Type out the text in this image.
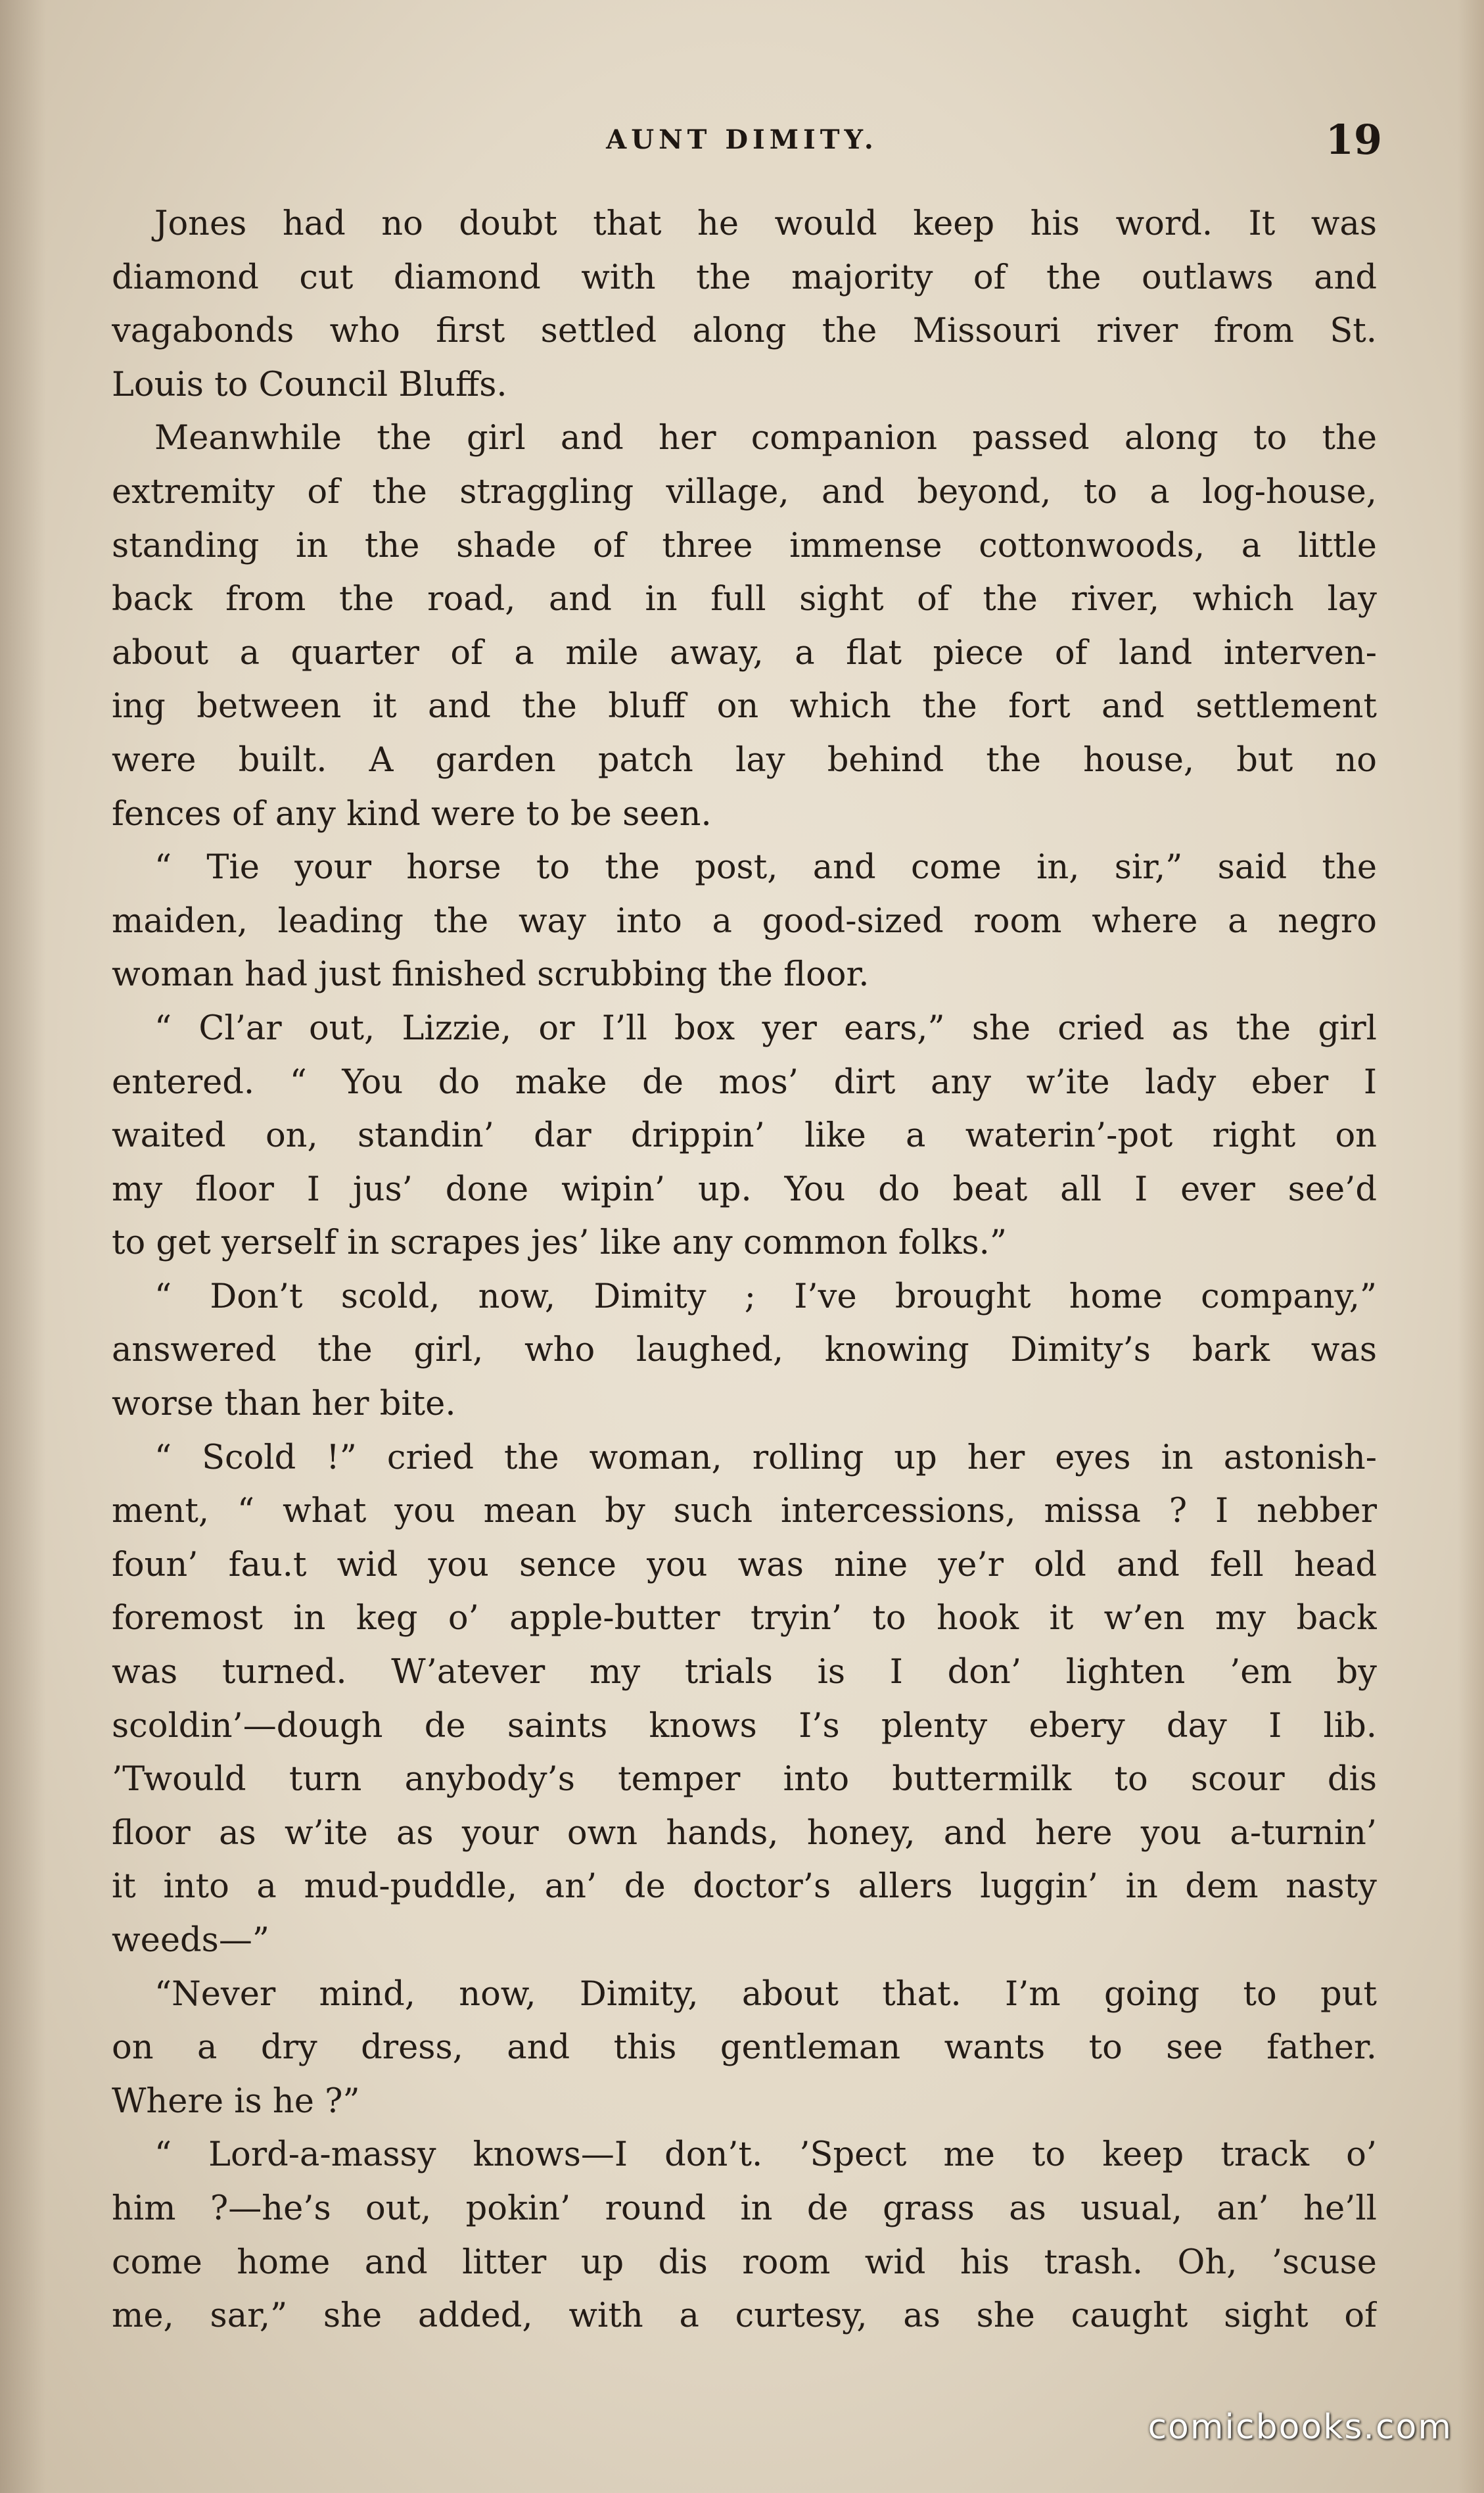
AUNT DIMITY.	19
Jones had no doubt that he would keep his word. It was
diamond cut diamond with the majority of the outlaws and
vagabonds who first settled along the Missouri river from St.
Louis to Council Bluffs.
Meanwhile the girl and her companion passed along to the
extremity of the straggling village, and beyond, to a log-house,
standing in the shade of three immense cottonwoods, a little
back from the road, and in full sight of the river, which lay
about a quarter of a mile away, a flat piece of land interven-
ing between it and the bluff on which the fort and settlement
were built. A garden patch lay behind the house, but no
fences of any kind were to be seen.
“ Tie your horse to the post, and come in, sir,” said the
maiden, leading the way into a good-sized room where a negro
woman had just finished scrubbing the floor.
“ Cl’ar out, Lizzie, or I’ll box yer ears,” she cried as the girl
entered. “ You do make de mos’ dirt any w’ite lady eber I
waited on, standin’ dar drippin’ like a waterin’-pot right on
my floor I jus’ done wipin’ up. You do beat all I ever see’d
to get yerself in scrapes jes’ like any common folks.”
“ Don’t scold, now, Dimity ; I’ve brought home company,”
answered the girl, who laughed, knowing Dimity’s bark was
worse than her bite.
“ Scold !” cried the woman, rolling up her eyes in astonish-
ment, “ what you mean by such intercessions, missa ? I nebber
foun’ fau.t wid you sence you was nine ye’r old and fell head
foremost in keg o’ apple-butter tryin’ to hook it w’en my back
was turned. W’atever my trials is I don’ lighten ’em by
scoldin’—dough de saints knows I’s plenty ebery day I lib.
’Twould turn anybody’s temper into buttermilk to scour dis
floor as w’ite as your own hands, honey, and here you a-turnin’
it into a mud-puddle, an’ de doctor’s allers luggin’ in dem nasty
weeds—”
“Never mind, now, Dimity, about that. I’m going to put
on a dry dress, and this gentleman wants to see father.
Where is he ?”
“ Lord-a-massy knows—I don’t. ’Spect me to keep track o’
him ?—he’s out, pokin’ round in de grass as usual, an’ he’ll
come home and litter up dis room wid his trash. Oh, ’scuse
me, sar,” she added, with a curtesy, as she caught sight of
comicbooks.com
